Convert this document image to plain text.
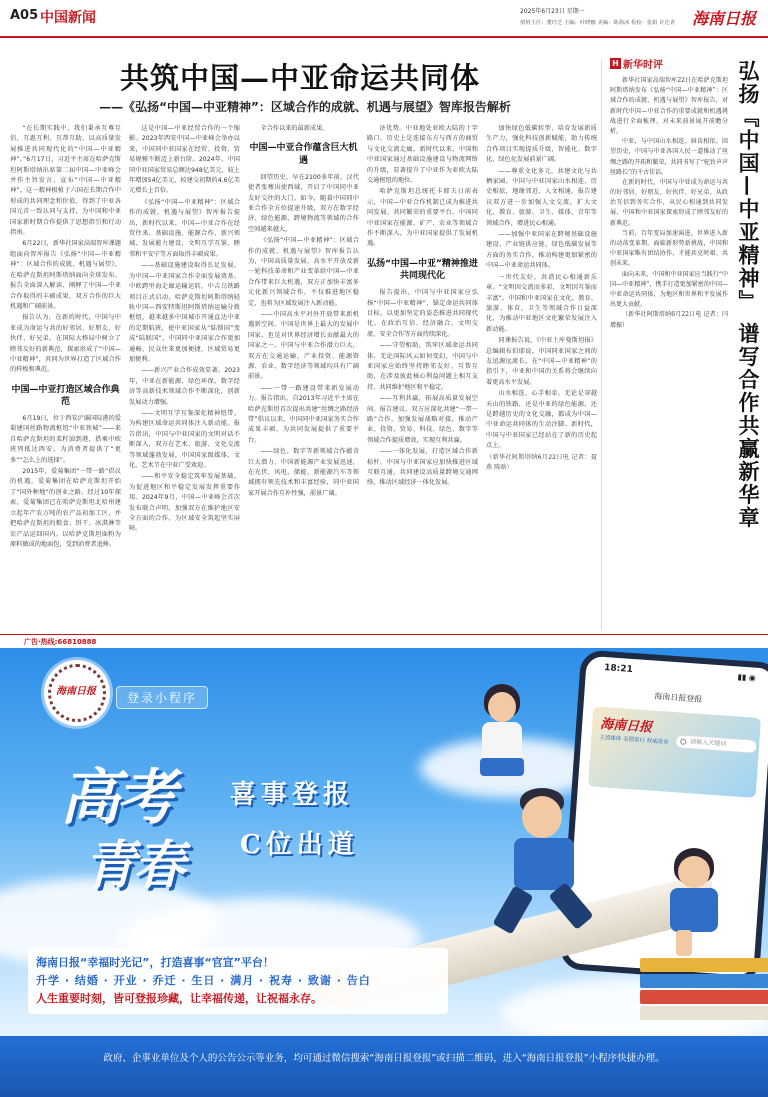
A05 中国新闻	2025年6月23日 星期一
值班主任：董玲芝 主编：叶晓娜 美编：陈海冰 检校：张娟 许达青	海南日报
共筑中国—中亚命运共同体
——《弘扬“中国—中亚精神”：区域合作的成就、机遇与展望》智库报告解析

“在长期实践中，我们秉承互尊互信、互惠互利、互帮互助、以高质量发展推进共同现代化的“中国—中亚精神”。”6月17日，习近平主席在哈萨克斯坦阿斯塔纳出席第二届中国—中亚峰会并作主旨发言，宣布“中国—中亚精神”。这一精神根植于六国在长期合作中形成的共同理念和价值，得到了中亚各国元首一致认同与支持，为中国和中亚国家新时期合作提供了思想指引和行动指南。

6月22日，新华社国家高端智库课题组面向智库报告《弘扬“中国—中亚精神”：区域合作的成就、机遇与展望》，在哈萨克斯坦阿斯塔纳面向全球发布。报告全面深入解读、阐释了中国—中亚合作取得的丰硕成果，双方合作的巨大机遇和广阔前景。

报告认为，在新的时代，中国与中亚成为命运与共的好邻居、好朋友、好伙伴、好兄弟，在国际大格局中树立了睦邻友好的新典范，探索形成了“中国—中亚精神”，共同为世界打造了区域合作的样板和典范。

中国—中亚打造区域合作典范

6月19日，位于西安浐灞国际港的爱菊建国丝路物流枢纽“中亚铁城”——来自哈萨克斯坦的菜籽油到港，搭乘中欧班列抵达西安，为消费者提供了“更多”“怎么上的选择”。

2015年，爱菊集团“一带一路”倡议的机遇，爱菊集团在哈萨克斯坦开始了“国外种地”的创业之路。经过10年探索，爱菊集团已在哈萨克斯坦北哈州建立起年产农万吨的农产品初加工区，并把哈萨克斯坦的粮食、饼干、冰淇淋等农产品运回国内。以哈萨克斯坦面粉为原料做成的地面包，受到消费者追捧。

这是中国—中亚经贸合作的一个缩影。2023年西安中国—中亚峰会举办以来，中国同中亚国家在经贸、投资、贸易规模不断迈上新台阶。2024年，中国同中亚国家贸易总额达948亿美元，较上年增加54亿美元，较建交初期的4.6亿美元增长上百倍。

《弘扬“中国—中亚精神”：区域合作的成就、机遇与展望》智库报告提出，新时代以来，中国—中亚合作在经贸往来、基础设施、能源合作、新兴领域、发展能力建设、文明互学互鉴、睦邻和平安宁等方面取得丰硕成果。

——基础设施建设取得长足发展。为中国—中亚国家合作全面发展奠基。中欧跨里海走廊运输运转，中吉乌铁路项目正式启动，哈萨克斯坦阿斯塔纳轻轨中国—西安特斯坦阿斯塔纳运输分拨枢纽，越来越多中国城市开通直达中亚的定期航班，使中亚国家从“陆锁国”变成“陆联国”，中国同中亚国家合作更加通畅，民众往来更加便捷，区域贸易更加便利。

——新兴产业合作成效显著。2023年，中亚在新能源、绿色环保、数字经济等高新技术领域合作不断深化，创新发展动力增强。

——文明互学互鉴深化精神纽带。为构建区域命运共同体注入新动能。报告指出，中国与中亚国家的文明对话不断深入，双方在艺术、旅游、文化交流等领域蓬勃发展，中国国家级媒体、文化、艺术节在中亚广受欢迎。

——和平安全稳定筑牢发展基础。为促进地区和平稳定发展发挥重要作用。2024年9月，中国—中亚峰会首次发布联合声明，加强双方在维护地区安全方面的合作，为区域安全筑起坚实屏障。

全合作以来的最新成果。

中国—中亚合作蕴含巨大机遇

回望历史，早在2100多年前，汉代使者张骞出使西域，开启了中国同中亚友好交往的大门。如今，随着中国同中亚合作全方位提速升级，双方在数字经济、绿色能源、跨境物流等领域的合作空间越来越大。

《弘扬“中国—中亚精神”：区域合作的成就、机遇与展望》智库报告认为，中国高质量发展、高水平开放及新一轮科技革命和产业变革给中国—中亚合作带来巨大机遇，双方正加快丰富多元化新兴领域合作，不仅推进地区稳定，也将为区域发展注入新动能。

——中国高水平对外开放带来新机遇新空间。中国是世界上最大的发展中国家，也是对世界经济增长贡献最大的国家之一。中国与中亚合作潜力巨大，双方在交通运输、产业投资、能源资源、农业、数字经济等领域均具有广阔前景。

——一带一路建设带来新发展动力。报告指出，自2013年习近平主席在哈萨克斯坦首次提出共建“丝绸之路经济带”倡议以来，中国同中亚国家务实合作成果丰硕，为共同发展提供了重要平台。

——绿色、数字等新领域合作蕴含巨大潜力。中国新能源产业发展迅速，在光伏、风电、储能、新能源汽车等领域拥有领先技术和丰富经验，同中亚国家开展合作互补性强，前景广阔。

济优势。中亚地处亚欧大陆的十字路口，历史上是连接东方与西方的商贸与文化交流走廊。新时代以来，中国和中亚国家通过基础设施建设与物流网络的升级，显著提升了中亚作为亚欧大陆交通枢纽的地位。

哈萨克斯坦总统托卡耶夫日前表示，中国—中亚合作机制已成为推进共同发展、共同繁荣的重要平台。中国同中亚国家在能源、矿产、农业等领域合作不断深入，为中亚国家提供了发展机遇。

弘扬“中国—中亚”精神推进共同现代化

报告提出，中国与中亚国家应弘扬“中国—中亚精神”，锚定命运共同体目标，以更加坚定的姿态推进共同现代化，在政治互信、经济融合、文明交流、安全合作等方面持续深化。

——守望相助，筑牢区域命运共同体。无论国际风云如何变幻，中国与中亚国家应始终坚持睦邻友好、互帮互助，在涉及彼此核心利益问题上相互支持，共同维护地区和平稳定。

——互利共赢，拓展高质量发展空间。报告建议，双方应深化共建“一带一路”合作，加强发展战略对接，推动产业、投资、贸易、科技、绿色、数字等领域合作提质增效，实现互利共赢。

——一体化发展，打造区域合作新标杆。中国与中亚国家应加快推进区域互联互通，共同建设高质量跨境交通网络，推动区域经济一体化发展。

加快绿色低碳转型，培育发展新质生产力，强化科技创新赋能，助力传统合作项目实现提质升级，智能化、数字化、绿色化发展前景广阔。

——尊重文化多元，共建文化与共栖家园。中国与中亚国家山水相连、历史相依，地缘邻近、人文相通。报告建议双方进一步加强人文交流，扩大文化、教育、旅游、卫生、媒体、青年等领域合作，增进民心相通。

——加强中亚国家在跨境基础设施建设、产业链供应链、绿色低碳发展等方面的务实合作，推动构建更加紧密的中国—中亚命运共同体。

一世代友好，共谱民心相通新乐章。“文明因交流而多彩，文明因互鉴而丰富”。中国和中亚国家在文化、教育、旅游、体育、卫生等领域合作日益深化，为推动中亚地区文化繁荣发展注入新动能。

同课报告说，《中亚土库曼斯坦报》总编辑布伯耶说，中国同亚国家之间的友谊源远流长，在“中国—中亚精神”的指引下，中亚和中国的关系将会继续向着更高水平发展。

山水相连、心手相牵。无论是穿越天山的铁路，还是中亚的绿色能源、还是跨越历史的文化交融，都成为中国—中亚命运共同体的生动注脚。新时代，中国与中亚国家已经站在了新的历史起点上。

（新华社阿斯塔纳6月22日电 记者：聂燕 陈晗）

H 新华时评

新华社国家高端智库22日在哈萨克斯坦阿斯塔纳发布《弘扬“中国—中亚精神”：区域合作的成就、机遇与展望》智库报告，对新时代中国—中亚合作的重要成就和机遇挑战进行全面梳理，对未来前景展开前瞻分析。

中亚，与中国山水相连、唇齿相依。回望历史，中国与中亚各国人民一道推动了丝绸之路的开拓和繁荣，共同书写了“驼铃声声丝路长”的千古佳话。

在新的时代，中国与中亚成为命运与共的好邻居、好朋友、好伙伴、好兄弟。从政治互信到务实合作，从民心相通到共同发展，中国和中亚国家探索形成了睦邻友好的新典范。

当前，百年变局加速演进，世界进入新的动荡变革期。面临新形势新挑战，中国和中亚国家唯有团结协作，才能共克时艰、共创未来。

面向未来，中国和中亚国家应当践行“中国—中亚精神”，携手打造更加紧密的中国—中亚命运共同体，为地区和世界和平发展作出更大贡献。

（新华社阿斯塔纳6月22日电 记者：闫增振）	弘扬『中国—中亚精神』 谱写合作共赢新华章
广告·热线:66810888
海南日报	登录小程序
高考
青春
喜事登报
C位出道
18:21
▮▮ ◉
海南日报登报
海南日报
主流媒体 全国发行 权威发布	请输入关键词
海南日报“幸福时光记”，打造喜事“官宣”平台！
升学 · 结婚 · 开业 · 乔迁 · 生日 · 满月 · 祝寿 · 致谢 · 告白
人生重要时刻，皆可登报珍藏，让幸福传递，让祝福永存。
政府、企事业单位及个人的公告公示等业务，均可通过微信搜索“海南日报登报”或扫描二维码，进入“海南日报登报”小程序快捷办理。
